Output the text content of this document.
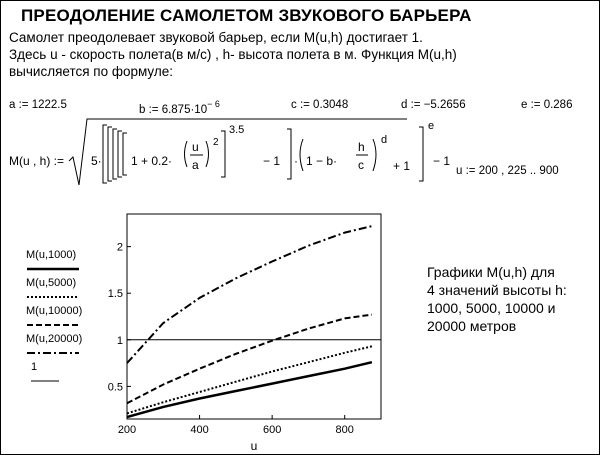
ПРЕОДОЛЕНИЕ САМОЛЕТОМ ЗВУКОВОГО БАРЬЕРА
Самолет преодолевает звуковой барьер, если M(u,h) достигает 1.
Здесь u - скорость полета(в м/с) , h- высота полета в м. Функция M(u,h)
вычисляется по формуле:
a := 1222.5	b := $6.875\cdot 10^{- 6}$	c := 0.3048	d := −5.2656	e := 0.286
M(u , h) := 5· 1 + 0.2·
u
a
2
3.5
− 1 · 1 − b·
h
c
d
+ 1
e
− 1
u := 200 , 225 .. 900
M(u,1000)
M(u,5000)
M(u,10000)
M(u,20000)
1
200	400	600	800
0.5
1
1.5
2
u
Графики M(u,h) для
4 значений высоты h:
1000, 5000, 10000 и
20000 метров
